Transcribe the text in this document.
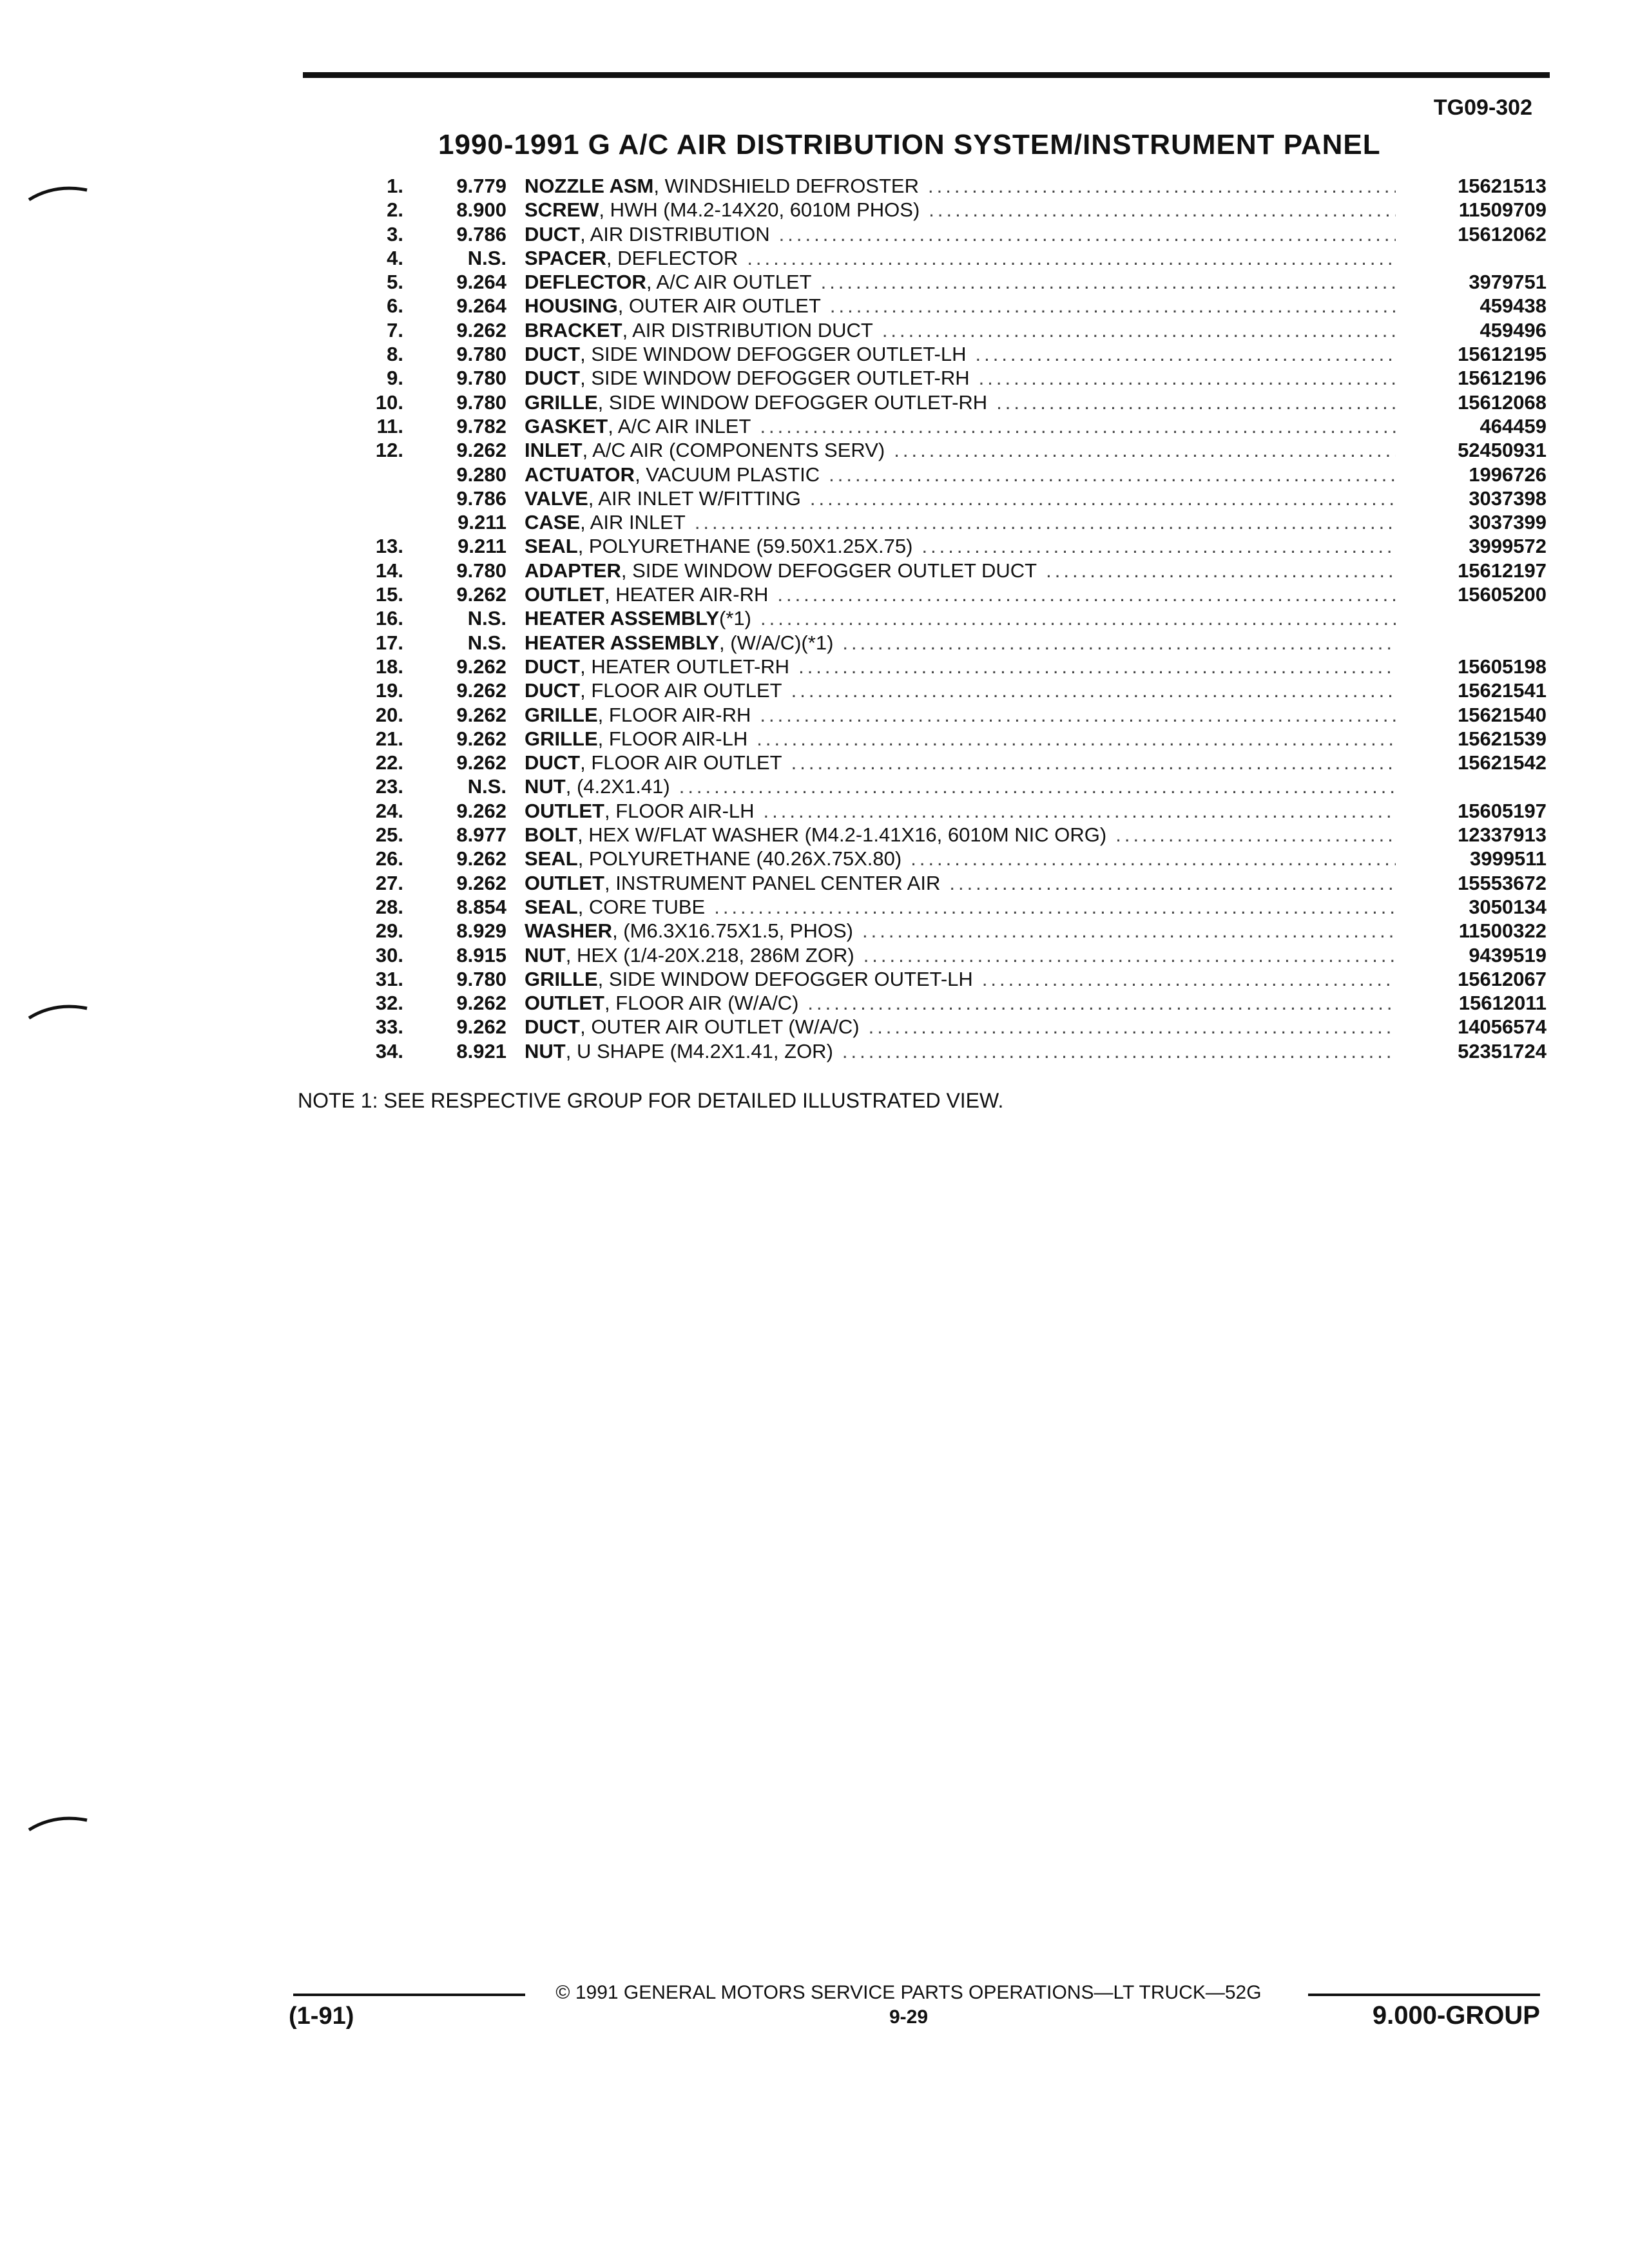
TG09-302
1990-1991 G A/C AIR DISTRIBUTION SYSTEM/INSTRUMENT PANEL
1.	9.779 NOZZLE ASM , WINDSHIELD DEFROSTER .....	15621513
2.	8.900 SCREW , HWH (M4.2-14X20, 6010M PHOS) .....	11509709
3.	9.786 DUCT , AIR DISTRIBUTION .....	15612062
4.	N.S. SPACER , DEFLECTOR
.....
5.	9.264 DEFLECTOR , A/C AIR OUTLET .....	3979751
6.	9.264 HOUSING , OUTER AIR OUTLET .....	459438
7.	9.262 BRACKET , AIR DISTRIBUTION DUCT .....	459496
8.	9.780 DUCT , SIDE WINDOW DEFOGGER OUTLET-LH .....	15612195
9.	9.780 DUCT , SIDE WINDOW DEFOGGER OUTLET-RH .....	15612196
10.	9.780 GRILLE , SIDE WINDOW DEFOGGER OUTLET-RH .....	15612068
11.	9.782 GASKET , A/C AIR INLET .....	464459
12.	9.262 INLET , A/C AIR (COMPONENTS SERV) .....	52450931
9.280 ACTUATOR , VACUUM PLASTIC .....	1996726
9.786 VALVE , AIR INLET W/FITTING .....	3037398
9.211 CASE , AIR INLET .....	3037399
13.	9.211 SEAL , POLYURETHANE (59.50X1.25X.75) .....	3999572
14.	9.780 ADAPTER , SIDE WINDOW DEFOGGER OUTLET DUCT .....	15612197
15.	9.262 OUTLET , HEATER AIR-RH .....	15605200
16.	N.S. HEATER ASSEMBLY (*1)
.....
17.	N.S. HEATER ASSEMBLY , (W/A/C)(*1)
.....
18.	9.262 DUCT , HEATER OUTLET-RH .....	15605198
19.	9.262 DUCT , FLOOR AIR OUTLET .....	15621541
20.	9.262 GRILLE , FLOOR AIR-RH .....	15621540
21.	9.262 GRILLE , FLOOR AIR-LH .....	15621539
22.	9.262 DUCT , FLOOR AIR OUTLET .....	15621542
23.	N.S. NUT , (4.2X1.41)
.....
24.	9.262 OUTLET , FLOOR AIR-LH .....	15605197
25.	8.977 BOLT , HEX W/FLAT WASHER (M4.2-1.41X16, 6010M NIC ORG) .....	12337913
26.	9.262 SEAL , POLYURETHANE (40.26X.75X.80) .....	3999511
27.	9.262 OUTLET , INSTRUMENT PANEL CENTER AIR .....	15553672
28.	8.854 SEAL , CORE TUBE .....	3050134
29.	8.929 WASHER , (M6.3X16.75X1.5, PHOS) .....	11500322
30.	8.915 NUT , HEX (1/4-20X.218, 286M ZOR) .....	9439519
31.	9.780 GRILLE , SIDE WINDOW DEFOGGER OUTET-LH .....	15612067
32.	9.262 OUTLET , FLOOR AIR (W/A/C) .....	15612011
33.	9.262 DUCT , OUTER AIR OUTLET (W/A/C) .....	14056574
34.	8.921 NUT , U SHAPE (M4.2X1.41, ZOR) .....	52351724
NOTE 1: SEE RESPECTIVE GROUP FOR DETAILED ILLUSTRATED VIEW.
© 1991 GENERAL MOTORS SERVICE PARTS OPERATIONS—LT TRUCK—52G
(1-91)	9-29	9.000-GROUP
